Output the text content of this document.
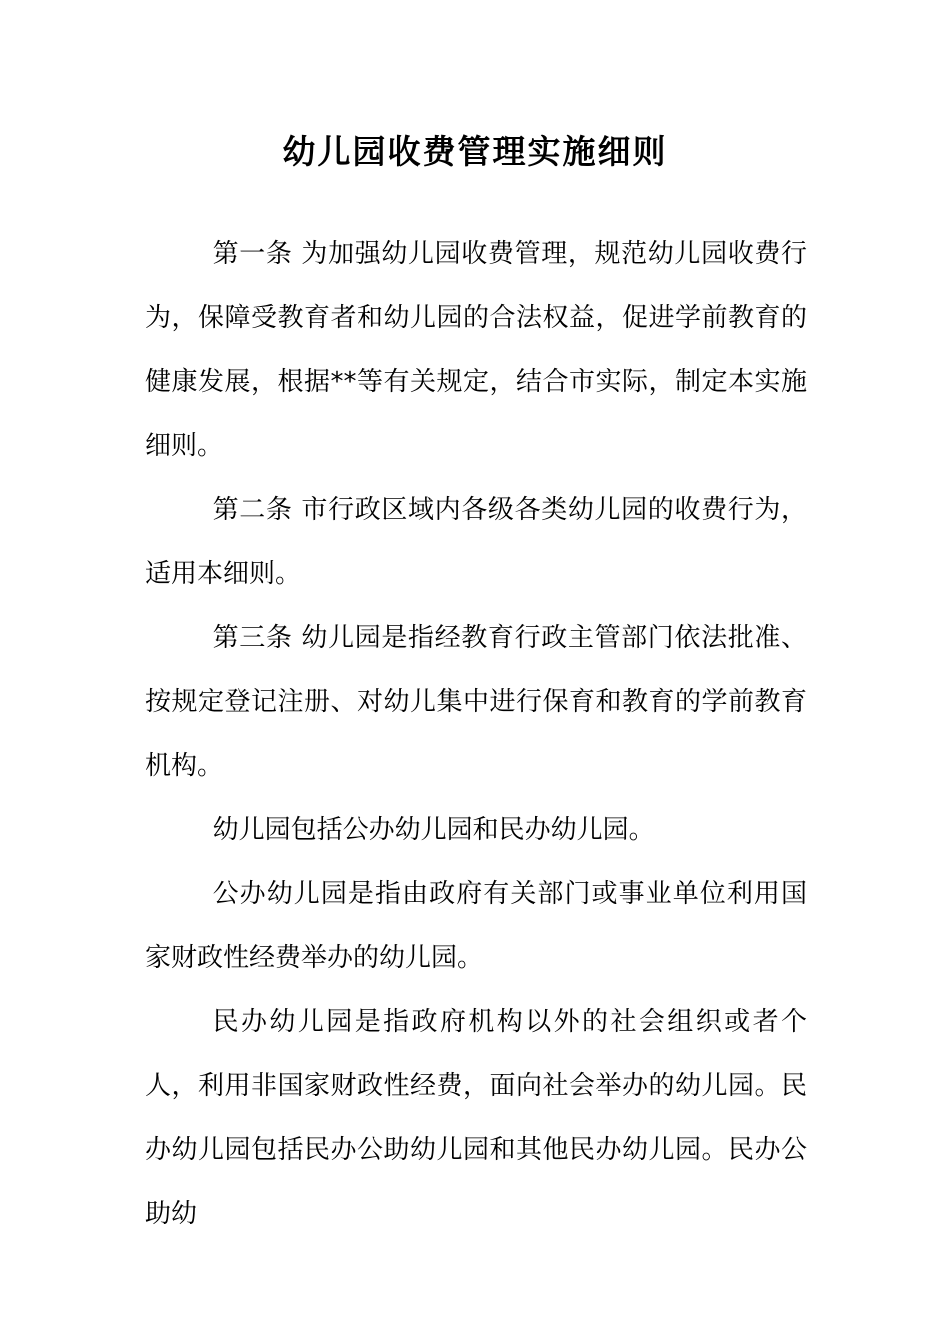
幼儿园收费管理实施细则

第一条 为加强幼儿园收费管理，规范幼儿园收费行为，保障受教育者和幼儿园的合法权益，促进学前教育的健康发展，根据**等有关规定，结合市实际，制定本实施细则。

第二条 市行政区域内各级各类幼儿园的收费行为，适用本细则。

第三条 幼儿园是指经教育行政主管部门依法批准、按规定登记注册、对幼儿集中进行保育和教育的学前教育机构。

幼儿园包括公办幼儿园和民办幼儿园。

公办幼儿园是指由政府有关部门或事业单位利用国家财政性经费举办的幼儿园。

民办幼儿园是指政府机构以外的社会组织或者个人，利用非国家财政性经费，面向社会举办的幼儿园。民办幼儿园包括民办公助幼儿园和其他民办幼儿园。民办公助幼
